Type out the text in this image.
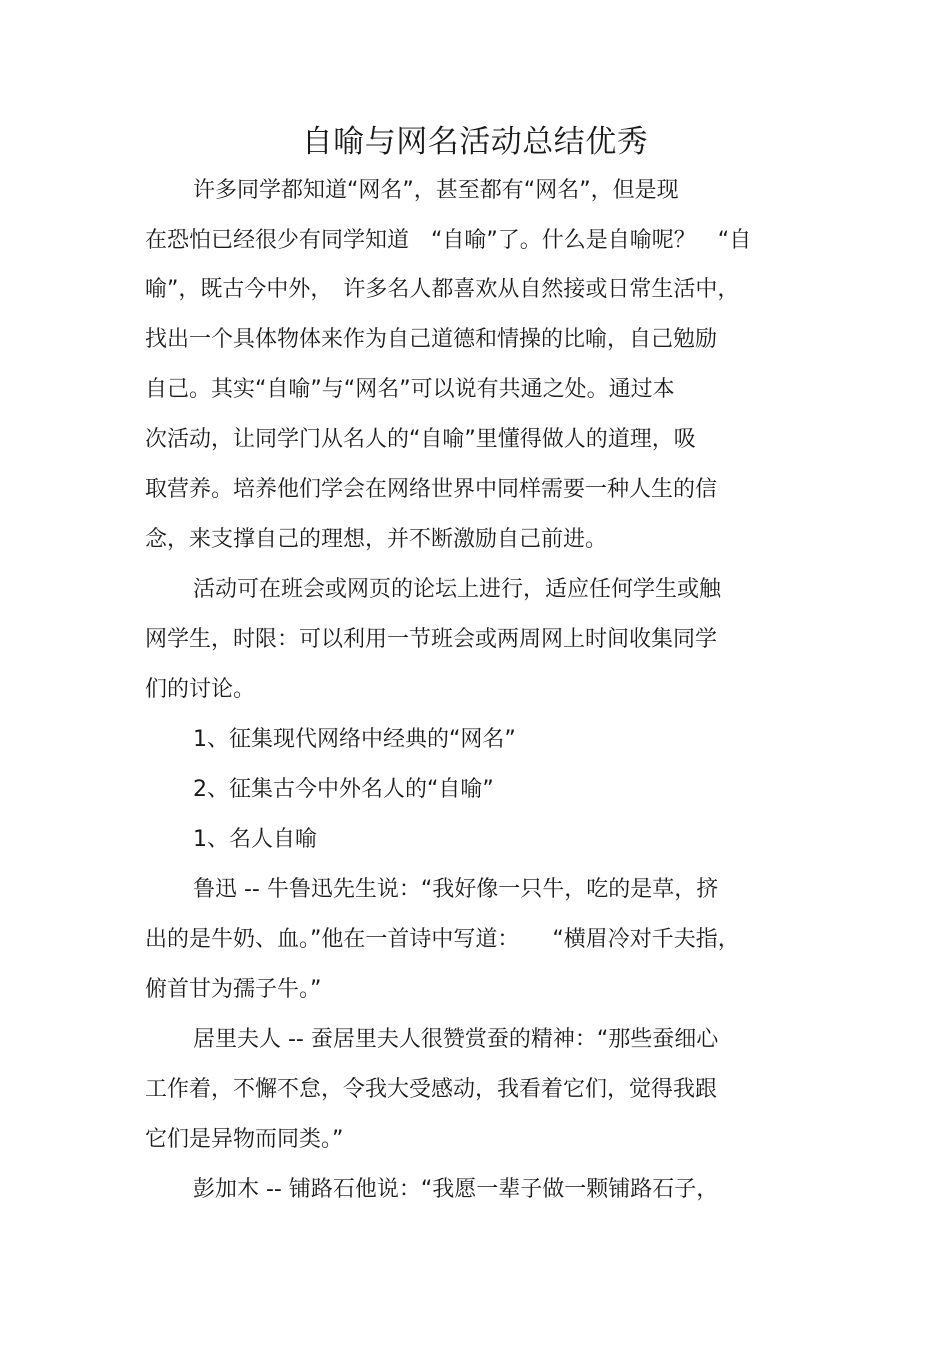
自喻与网名活动总结优秀

许多同学都知道“网名”，甚至都有“网名”，但是现

在恐怕已经很少有同学知道　“自喻”了。什么是自喻呢？　“自

喻”，既古今中外，　许多名人都喜欢从自然接或日常生活中，

找出一个具体物体来作为自己道德和情操的比喻，自己勉励

自己。其实“自喻”与“网名”可以说有共通之处。通过本

次活动，让同学门从名人的“自喻”里懂得做人的道理，吸

取营养。培养他们学会在网络世界中同样需要一种人生的信

念，来支撑自己的理想，并不断激励自己前进。

活动可在班会或网页的论坛上进行，适应任何学生或触

网学生，时限：可以利用一节班会或两周网上时间收集同学

们的讨论。

1、征集现代网络中经典的“网名”

2、征集古今中外名人的“自喻”

1、名人自喻

鲁迅 -- 牛鲁迅先生说：“我好像一只牛，吃的是草，挤

出的是牛奶、血。”他在一首诗中写道：　　“横眉冷对千夫指，

俯首甘为孺子牛。”

居里夫人 -- 蚕居里夫人很赞赏蚕的精神：“那些蚕细心

工作着，不懈不怠，令我大受感动，我看着它们，觉得我跟

它们是异物而同类。”

彭加木 -- 铺路石他说：“我愿一辈子做一颗铺路石子，
